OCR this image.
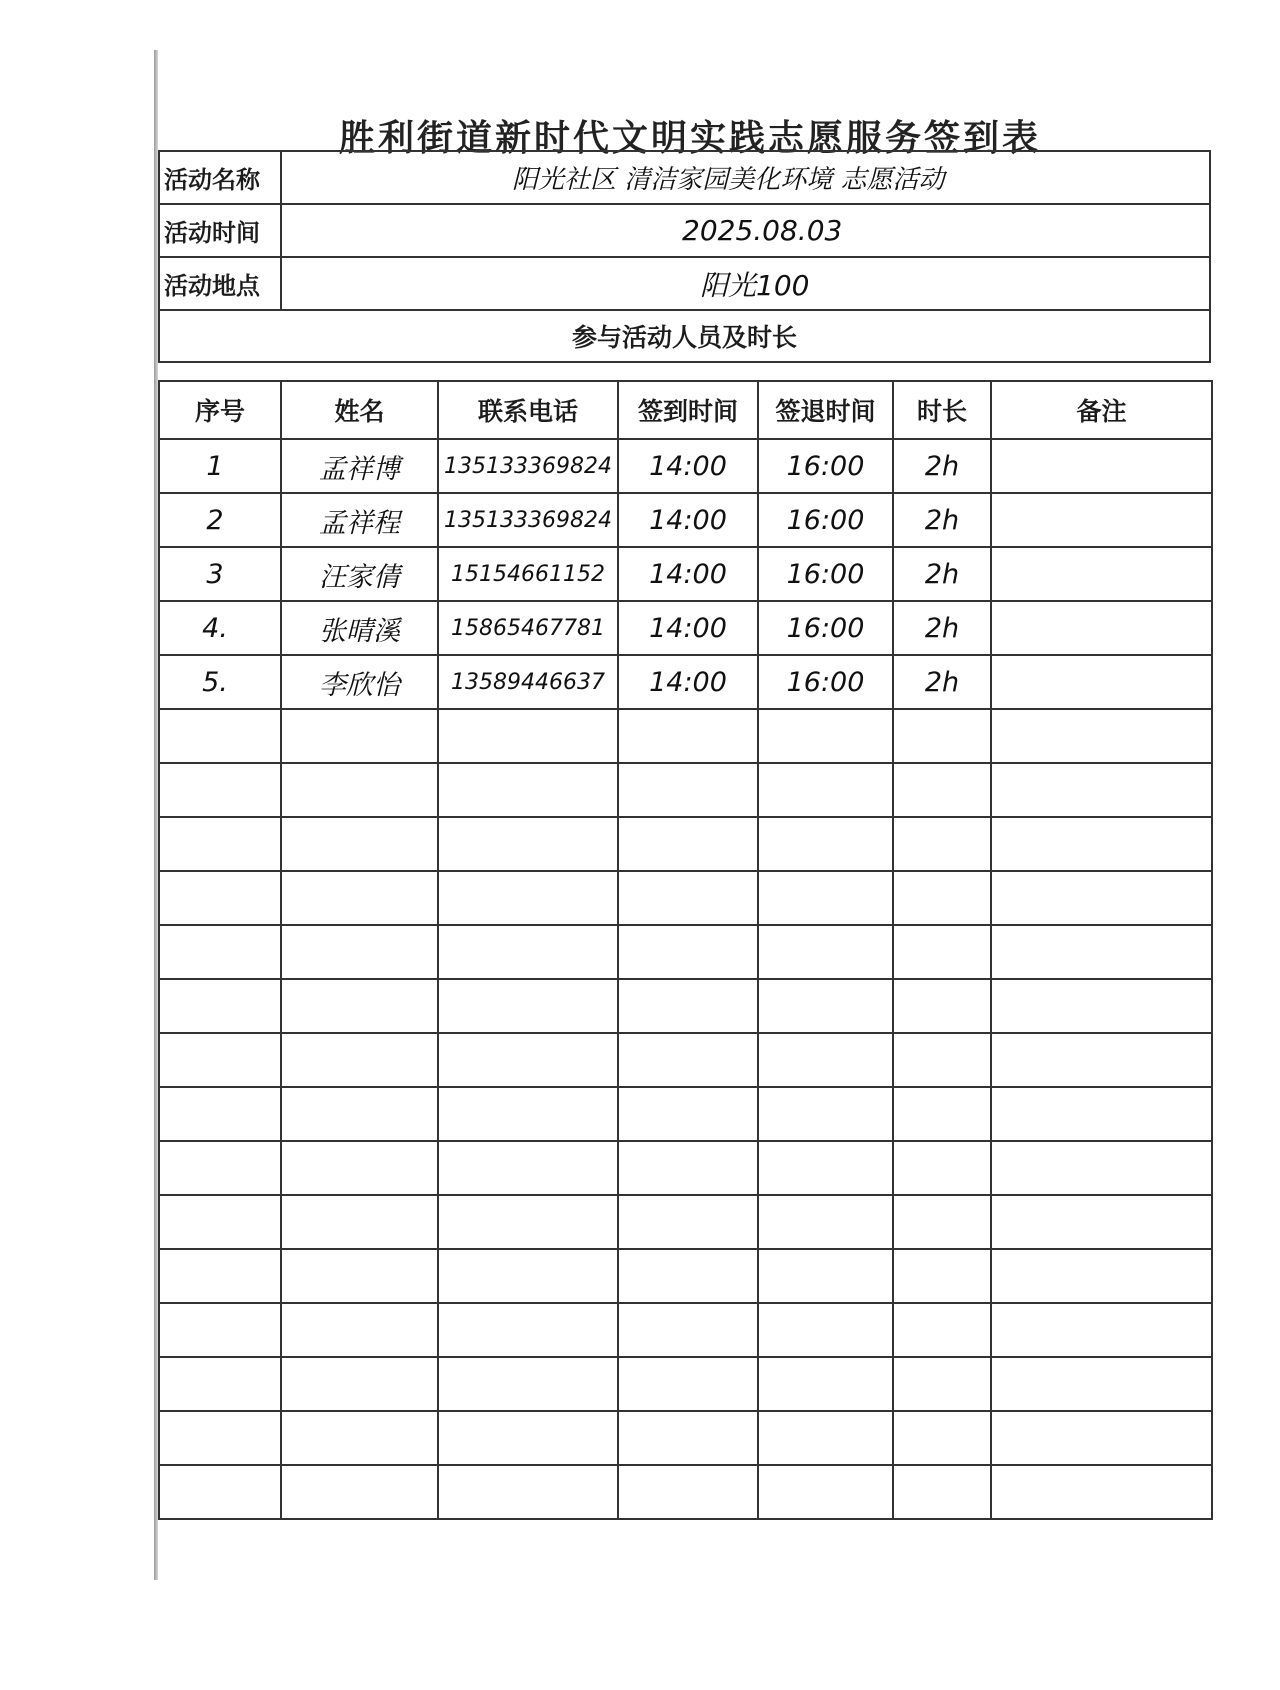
胜利街道新时代文明实践志愿服务签到表
活动名称	阳光社区 清洁家园美化环境 志愿活动
活动时间	2025.08.03
活动地点	阳光100
参与活动人员及时长
序号	姓名	联系电话	签到时间	签退时间	时长	备注
1	孟祥博	135133369824	14:00	16:00	2h	
2	孟祥程	135133369824	14:00	16:00	2h	
3	汪家倩	15154661152	14:00	16:00	2h	
4.	张晴溪	15865467781	14:00	16:00	2h	
5.	李欣怡	13589446637	14:00	16:00	2h	
